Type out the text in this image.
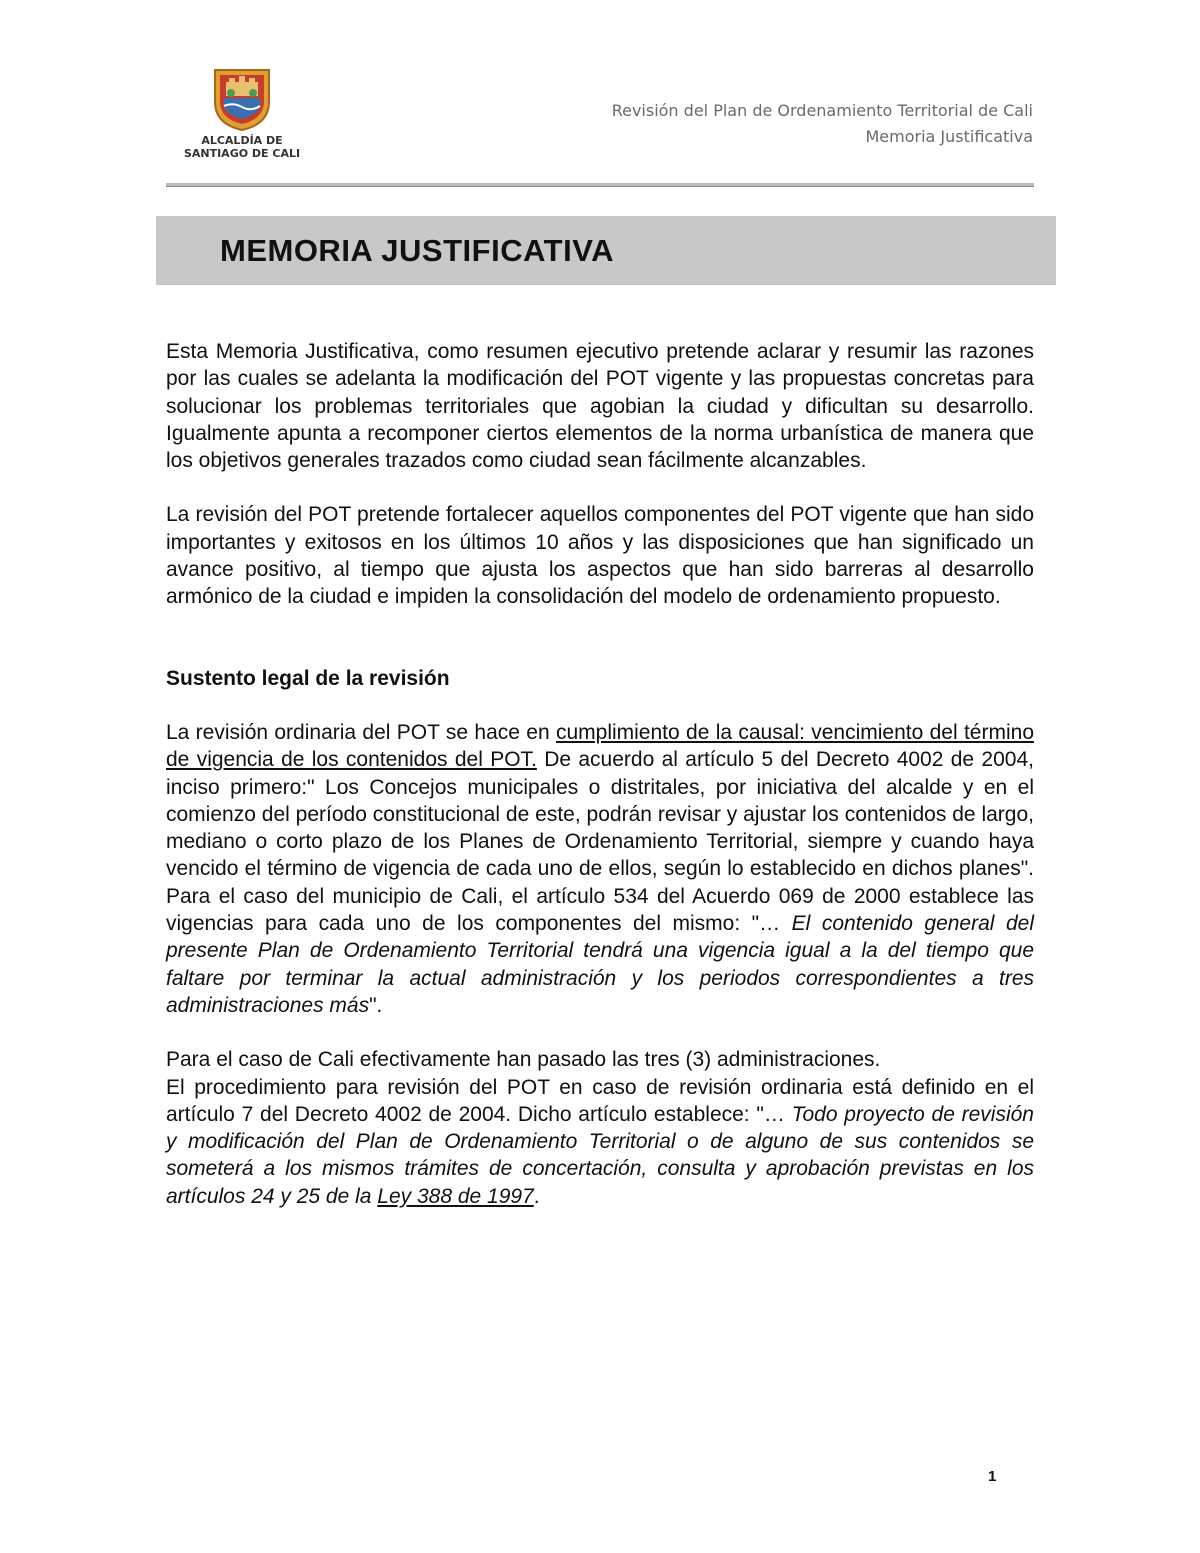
ALCALDÍA DE
SANTIAGO DE CALI
Revisión del Plan de Ordenamiento Territorial de Cali
Memoria Justificativa
MEMORIA JUSTIFICATIVA

Esta Memoria Justificativa, como resumen ejecutivo pretende aclarar y resumir las razones por las cuales se adelanta la modificación del POT vigente y las propuestas concretas para solucionar los problemas territoriales que agobian la ciudad y dificultan su desarrollo. Igualmente apunta a recomponer ciertos elementos de la norma urbanística de manera que los objetivos generales trazados como ciudad sean fácilmente alcanzables.

La revisión del POT pretende fortalecer aquellos componentes del POT vigente que han sido importantes y exitosos en los últimos 10 años y las disposiciones que han significado un avance positivo, al tiempo que ajusta los aspectos que han sido barreras al desarrollo armónico de la ciudad e impiden la consolidación del modelo de ordenamiento propuesto.

Sustento legal de la revisión

La revisión ordinaria del POT se hace en cumplimiento de la causal: vencimiento del término de vigencia de los contenidos del POT. De acuerdo al artículo 5 del Decreto 4002 de 2004, inciso primero:" Los Concejos municipales o distritales, por iniciativa del alcalde y en el comienzo del período constitucional de este, podrán revisar y ajustar los contenidos de largo, mediano o corto plazo de los Planes de Ordenamiento Territorial, siempre y cuando haya vencido el término de vigencia de cada uno de ellos, según lo establecido en dichos planes". Para el caso del municipio de Cali, el artículo 534 del Acuerdo 069 de 2000 establece las vigencias para cada uno de los componentes del mismo: "… El contenido general del presente Plan de Ordenamiento Territorial tendrá una vigencia igual a la del tiempo que faltare por terminar la actual administración y los periodos correspondientes a tres administraciones más".

Para el caso de Cali efectivamente han pasado las tres (3) administraciones.

El procedimiento para revisión del POT en caso de revisión ordinaria está definido en el artículo 7 del Decreto 4002 de 2004. Dicho artículo establece: "… Todo proyecto de revisión y modificación del Plan de Ordenamiento Territorial o de alguno de sus contenidos se someterá a los mismos trámites de concertación, consulta y aprobación previstas en los artículos 24 y 25 de la Ley 388 de 1997.

1
